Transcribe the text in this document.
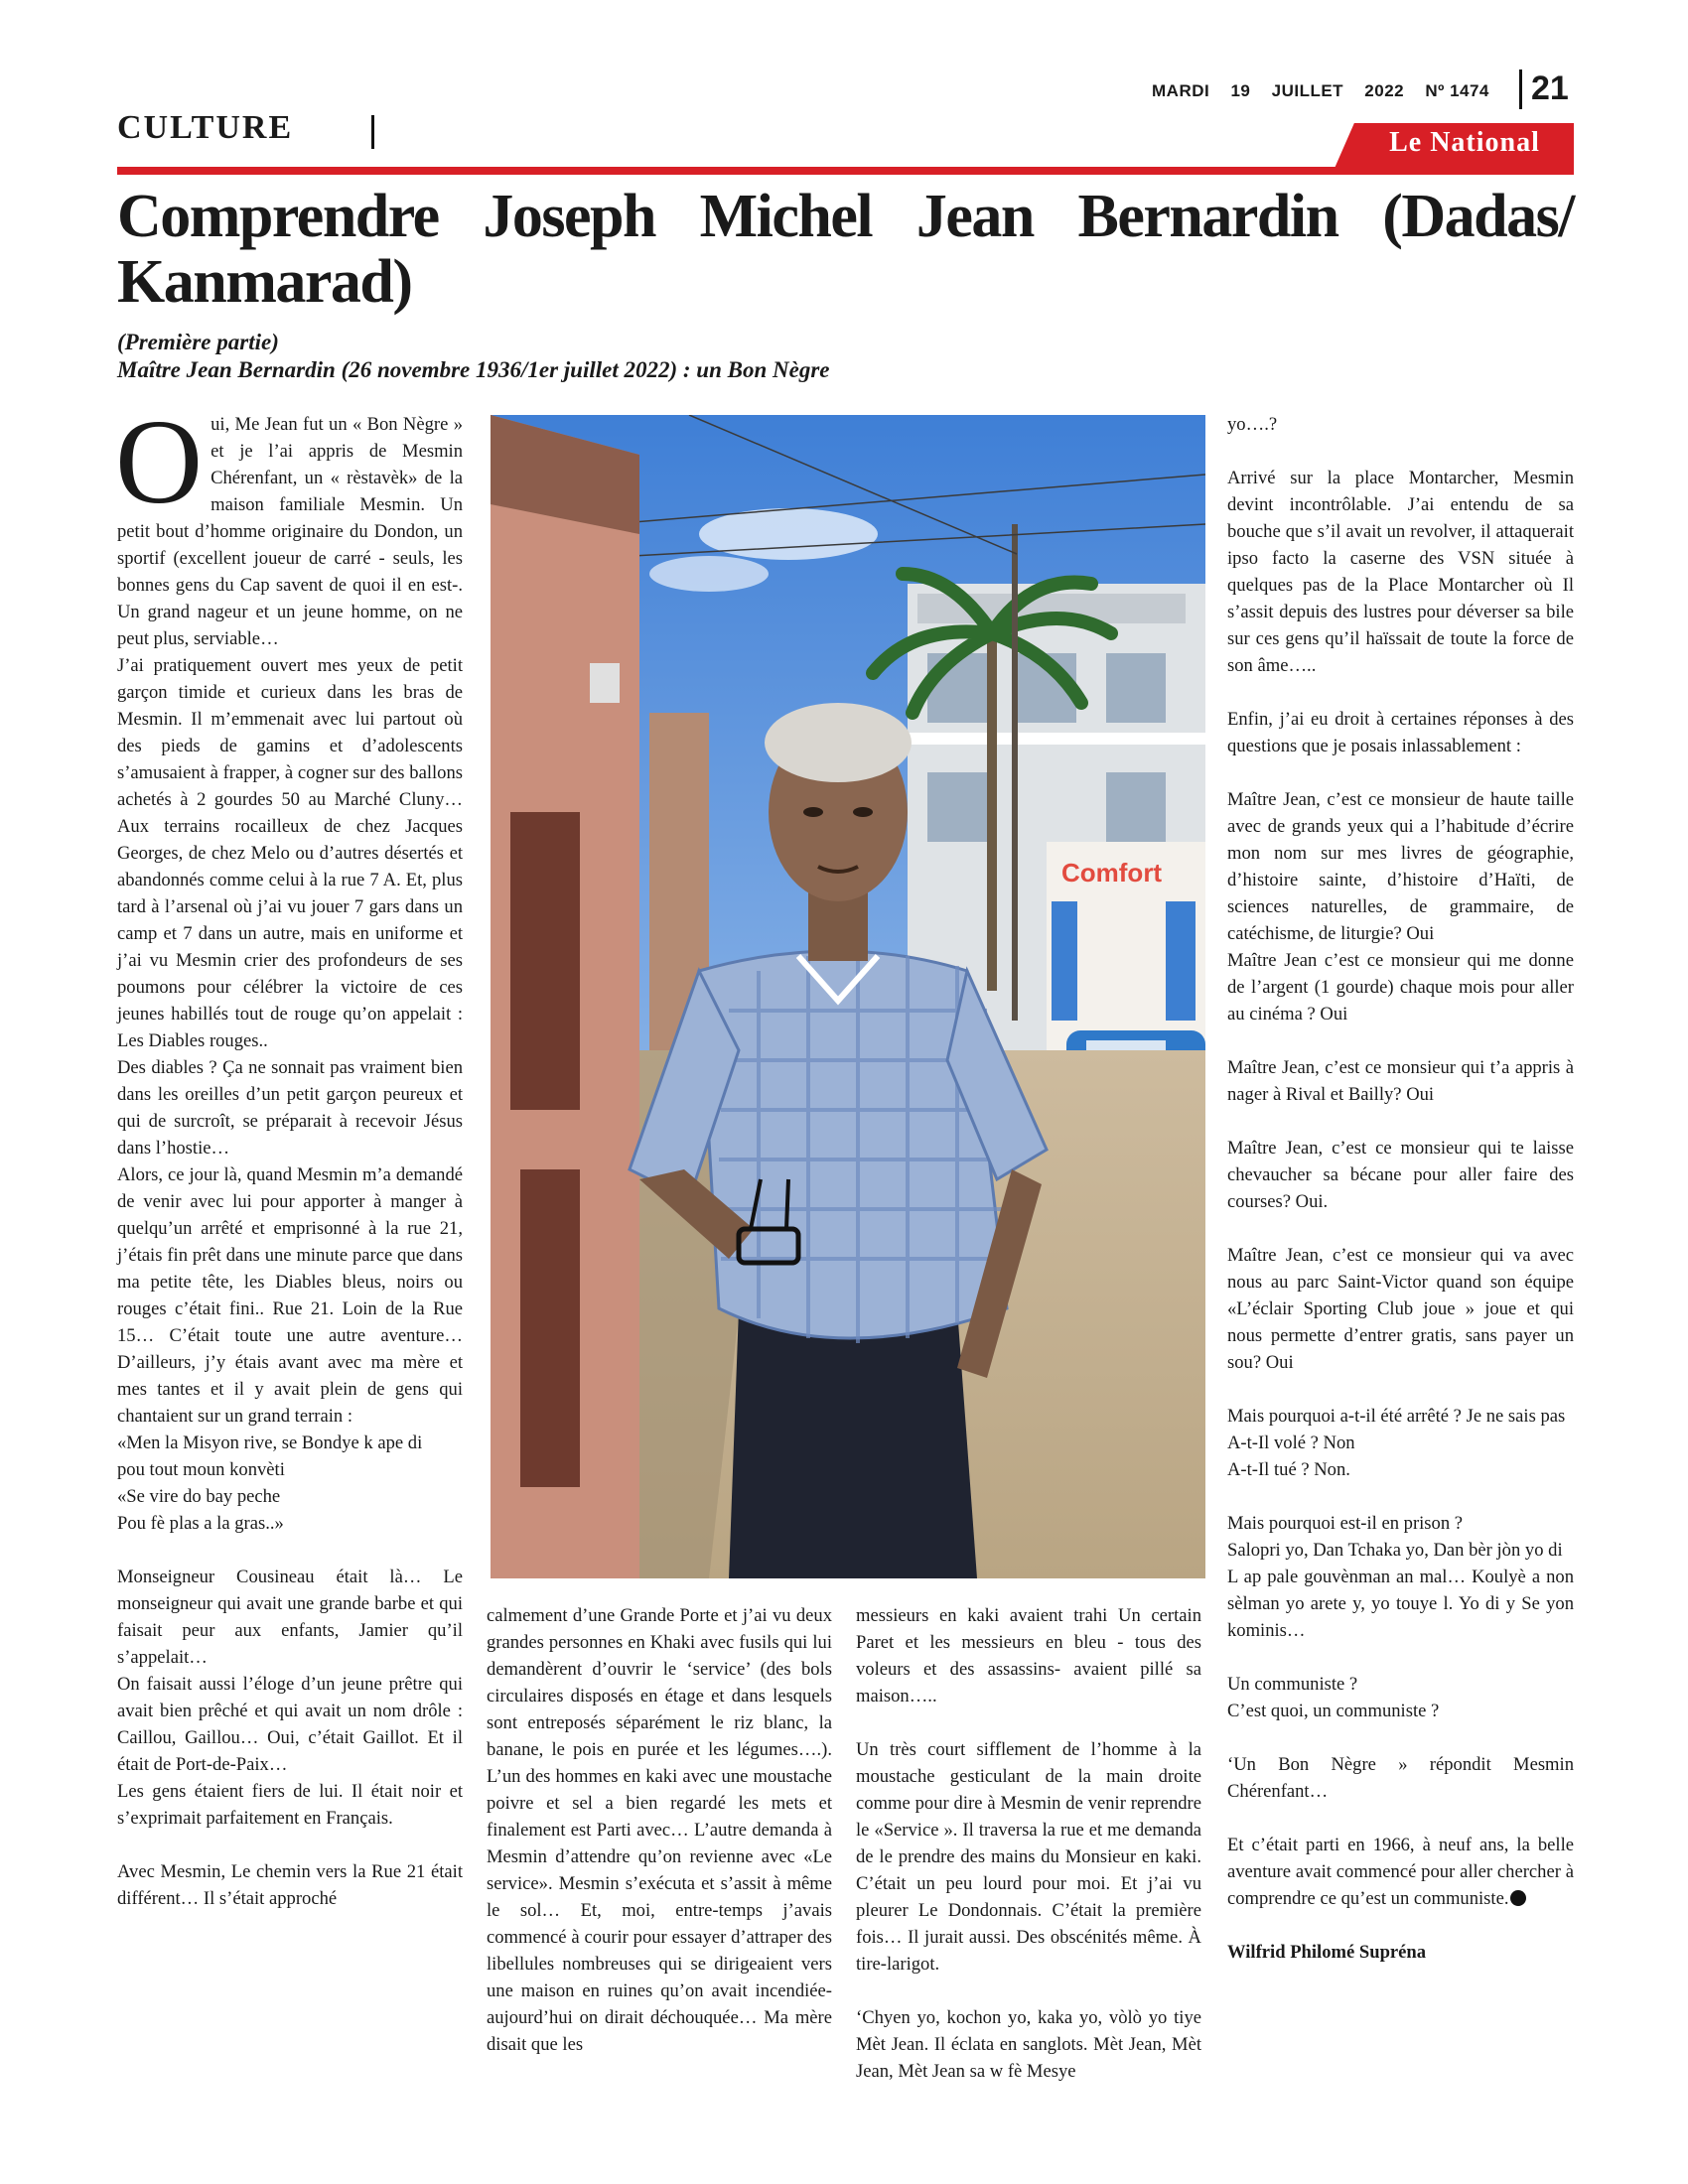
MARDI 19 JUILLET 2022 Nº 1474	21
CULTURE	Le National
Comprendre Joseph Michel Jean Bernardin (Dadas/ Kanmarad)
(Première partie)
Maître Jean Bernardin (26 novembre 1936/1er juillet 2022) : un Bon Nègre
O ui, Me Jean fut un « Bon Nègre » et je l’ai appris de Mesmin Chérenfant, un « rèstavèk» de la maison familiale Mesmin. Un petit bout d’homme originaire du Dondon, un sportif (excellent joueur de carré - seuls, les bonnes gens du Cap savent de quoi il en est-. Un grand nageur et un jeune homme, on ne peut plus, serviable…

J’ai pratiquement ouvert mes yeux de petit garçon timide et curieux dans les bras de Mesmin. Il m’emmenait avec lui partout où des pieds de gamins et d’adolescents s’amusaient à frapper, à cogner sur des ballons achetés à 2 gourdes 50 au Marché Cluny… Aux terrains rocailleux de chez Jacques Georges, de chez Melo ou d’autres désertés et abandonnés comme celui à la rue 7 A. Et, plus tard à l’arsenal où j’ai vu jouer 7 gars dans un camp et 7 dans un autre, mais en uniforme et j’ai vu Mesmin crier des profondeurs de ses poumons pour célébrer la victoire de ces jeunes habillés tout de rouge qu’on appelait : Les Diables rouges..

Des diables ? Ça ne sonnait pas vraiment bien dans les oreilles d’un petit garçon peureux et qui de surcroît, se préparait à recevoir Jésus dans l’hostie…

Alors, ce jour là, quand Mesmin m’a demandé de venir avec lui pour apporter à manger à quelqu’un arrêté et emprisonné à la rue 21, j’étais fin prêt dans une minute parce que dans ma petite tête, les Diables bleus, noirs ou rouges c’était fini.. Rue 21. Loin de la Rue 15… C’était toute une autre aventure… D’ailleurs, j’y étais avant avec ma mère et mes tantes et il y avait plein de gens qui chantaient sur un grand terrain :

«Men la Misyon rive, se Bondye k ape di

pou tout moun konvèti

«Se vire do bay peche

Pou fè plas a la gras..»

Monseigneur Cousineau était là… Le monseigneur qui avait une grande barbe et qui faisait peur aux enfants, Jamier qu’il s’appelait…

On faisait aussi l’éloge d’un jeune prêtre qui avait bien prêché et qui avait un nom drôle : Caillou, Gaillou… Oui, c’était Gaillot. Et il était de Port-de-Paix…

Les gens étaient fiers de lui. Il était noir et s’exprimait parfaitement en Français.

Avec Mesmin, Le chemin vers la Rue 21 était différent… Il s’était approché

Comfort

calmement d’une Grande Porte et j’ai vu deux grandes personnes en Khaki avec fusils qui lui demandèrent d’ouvrir le ‘service’ (des bols circulaires disposés en étage et dans lesquels sont entreposés séparément le riz blanc, la banane, le pois en purée et les légumes….). L’un des hommes en kaki avec une moustache poivre et sel a bien regardé les mets et finalement est Parti avec… L’autre demanda à Mesmin d’attendre qu’on revienne avec «Le service». Mesmin s’exécuta et s’assit à même le sol… Et, moi, entre-temps j’avais commencé à courir pour essayer d’attraper des libellules nombreuses qui se dirigeaient vers une maison en ruines qu’on avait incendiée- aujourd’hui on dirait déchouquée… Ma mère disait que les

messieurs en kaki avaient trahi Un certain Paret et les messieurs en bleu - tous des voleurs et des assassins- avaient pillé sa maison…..

Un très court sifflement de l’homme à la moustache gesticulant de la main droite comme pour dire à Mesmin de venir reprendre le «Service ». Il traversa la rue et me demanda de le prendre des mains du Monsieur en kaki. C’était un peu lourd pour moi. Et j’ai vu pleurer Le Dondonnais. C’était la première fois… Il jurait aussi. Des obscénités même. À tire-larigot.

‘Chyen yo, kochon yo, kaka yo, vòlò yo tiye Mèt Jean. Il éclata en sanglots. Mèt Jean, Mèt Jean, Mèt Jean sa w fè Mesye

yo….?

Arrivé sur la place Montarcher, Mesmin devint incontrôlable. J’ai entendu de sa bouche que s’il avait un revolver, il attaquerait ipso facto la caserne des VSN située à quelques pas de la Place Montarcher où Il s’assit depuis des lustres pour déverser sa bile sur ces gens qu’il haïssait de toute la force de son âme…..

Enfin, j’ai eu droit à certaines réponses à des questions que je posais inlassablement :

Maître Jean, c’est ce monsieur de haute taille avec de grands yeux qui a l’habitude d’écrire mon nom sur mes livres de géographie, d’histoire sainte, d’histoire d’Haïti, de sciences naturelles, de grammaire, de catéchisme, de liturgie? Oui

Maître Jean c’est ce monsieur qui me donne de l’argent (1 gourde) chaque mois pour aller au cinéma ? Oui

Maître Jean, c’est ce monsieur qui t’a appris à nager à Rival et Bailly? Oui

Maître Jean, c’est ce monsieur qui te laisse chevaucher sa bécane pour aller faire des courses? Oui.

Maître Jean, c’est ce monsieur qui va avec nous au parc Saint-Victor quand son équipe «L’éclair Sporting Club joue » joue et qui nous permette d’entrer gratis, sans payer un sou? Oui

Mais pourquoi a-t-il été arrêté ? Je ne sais pas

A-t-Il volé ? Non

A-t-Il tué ? Non.

Mais pourquoi est-il en prison ?

Salopri yo, Dan Tchaka yo, Dan bèr jòn yo di

L ap pale gouvènman an mal… Koulyè a non sèlman yo arete y, yo touye l. Yo di y Se yon kominis…

Un communiste ?

C’est quoi, un communiste ?

‘Un Bon Nègre » répondit Mesmin Chérenfant…

Et c’était parti en 1966, à neuf ans, la belle aventure avait commencé pour aller chercher à comprendre ce qu’est un communiste.

Wilfrid Philomé Supréna
